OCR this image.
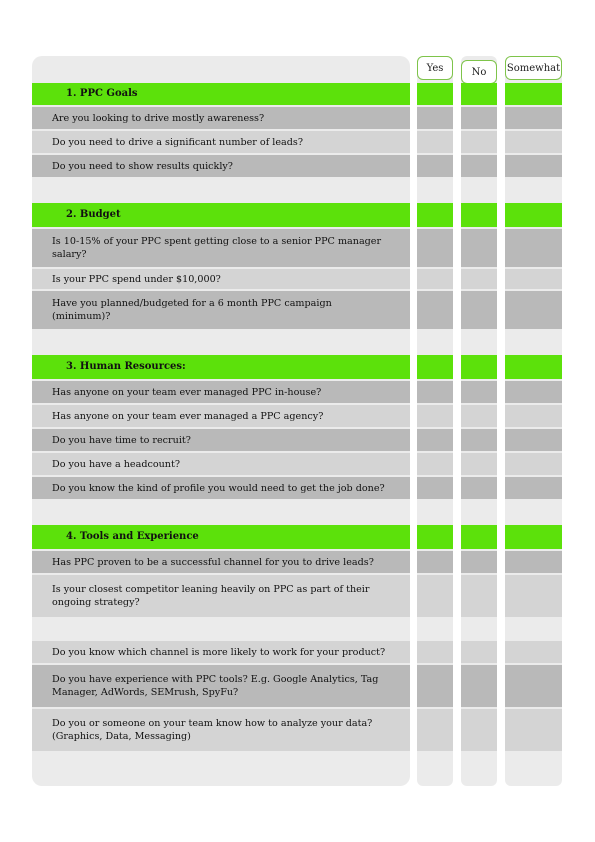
Yes	No	Somewhat
1. PPC Goals
Are you looking to drive mostly awareness?
Do you need to drive a significant number of leads?
Do you need to show results quickly?
2. Budget
Is 10-15% of your PPC spent getting close to a senior PPC manager salary?
Is your PPC spend under $10,000?
Have you planned/budgeted for a 6 month PPC campaign (minimum)?
3. Human Resources:
Has anyone on your team ever managed PPC in-house?
Has anyone on your team ever managed a PPC agency?
Do you have time to recruit?
Do you have a headcount?
Do you know the kind of profile you would need to get the job done?
4. Tools and Experience
Has PPC proven to be a successful channel for you to drive leads?
Is your closest competitor leaning heavily on PPC as part of their ongoing strategy?
Do you know which channel is more likely to work for your product?
Do you have experience with PPC tools? E.g. Google Analytics, Tag Manager, AdWords, SEMrush, SpyFu?
Do you or someone on your team know how to analyze your data? (Graphics, Data, Messaging)
